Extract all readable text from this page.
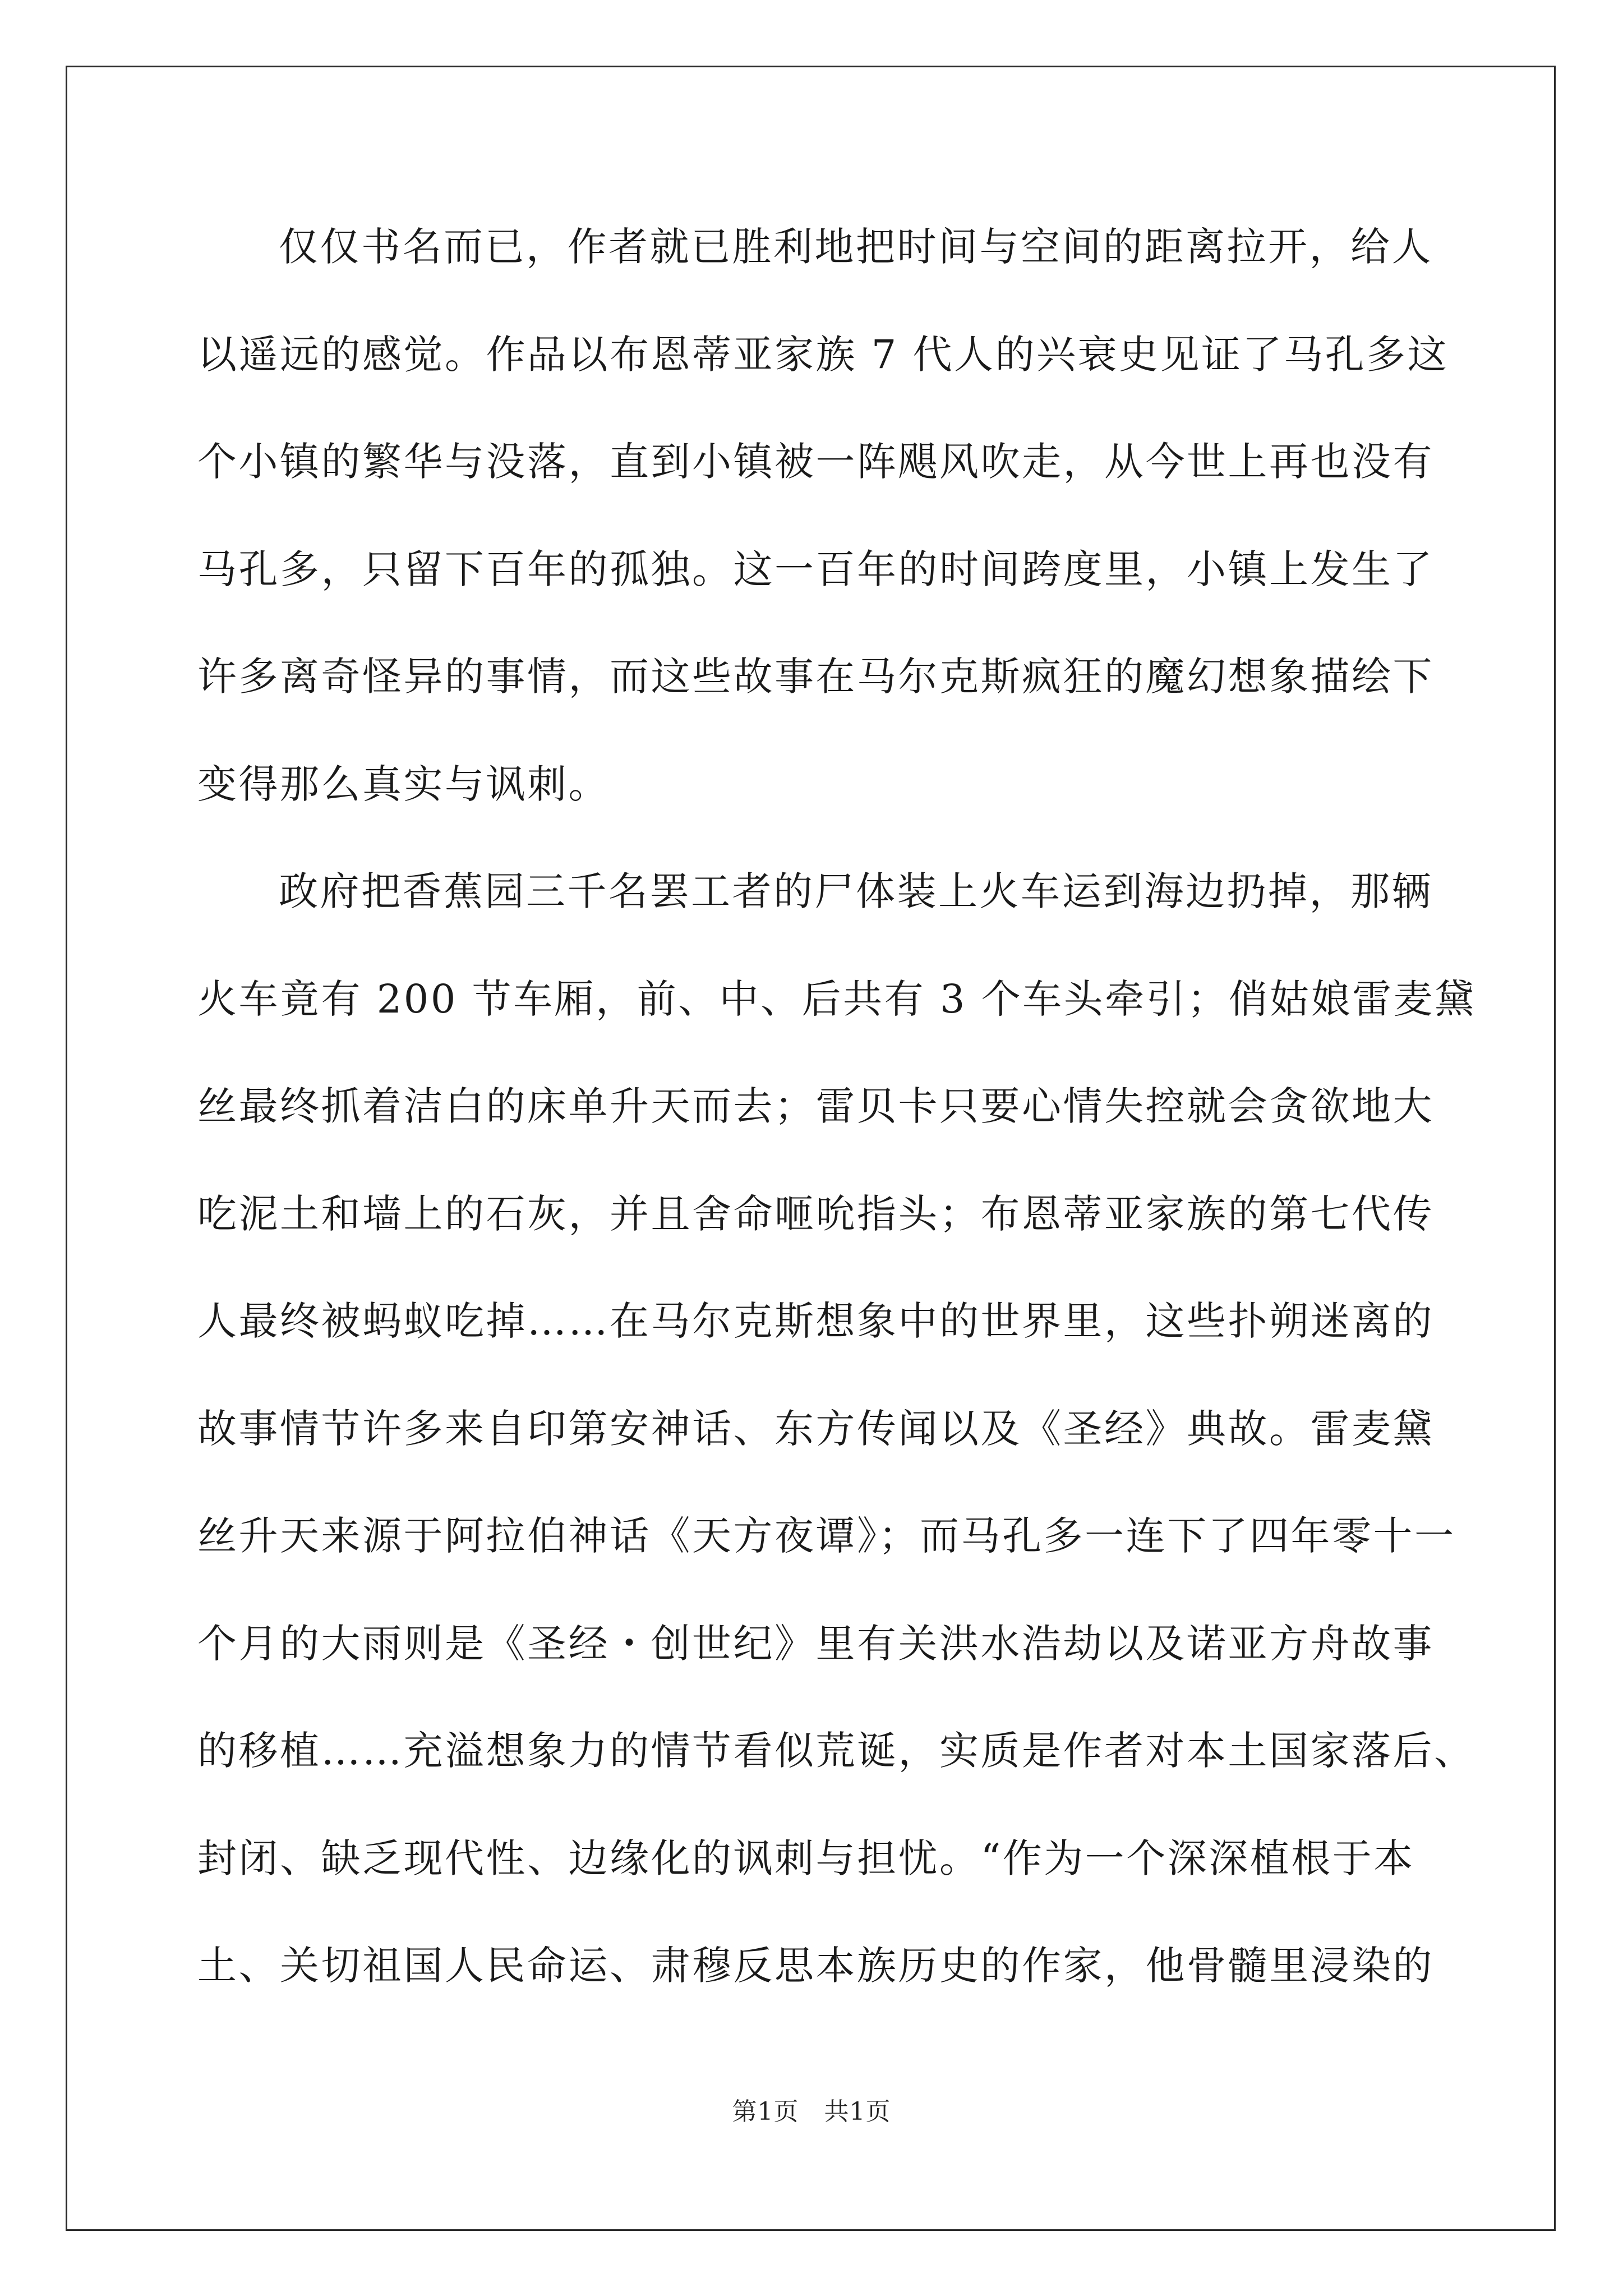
仅仅书名而已，作者就已胜利地把时间与空间的距离拉开，给人
以遥远的感觉。作品以布恩蒂亚家族 7 代人的兴衰史见证了马孔多这
个小镇的繁华与没落，直到小镇被一阵飓风吹走，从今世上再也没有
马孔多，只留下百年的孤独。这一百年的时间跨度里，小镇上发生了
许多离奇怪异的事情，而这些故事在马尔克斯疯狂的魔幻想象描绘下
变得那么真实与讽刺。
政府把香蕉园三千名罢工者的尸体装上火车运到海边扔掉，那辆
火车竟有 200 节车厢，前、中、后共有 3 个车头牵引；俏姑娘雷麦黛
丝最终抓着洁白的床单升天而去；雷贝卡只要心情失控就会贪欲地大
吃泥土和墙上的石灰，并且舍命咂吮指头；布恩蒂亚家族的第七代传
人最终被蚂蚁吃掉……在马尔克斯想象中的世界里，这些扑朔迷离的
故事情节许多来自印第安神话、东方传闻以及《圣经》典故。雷麦黛
丝升天来源于阿拉伯神话《天方夜谭》；而马孔多一连下了四年零十一
个月的大雨则是《圣经・创世纪》里有关洪水浩劫以及诺亚方舟故事
的移植……充溢想象力的情节看似荒诞，实质是作者对本土国家落后、
封闭、缺乏现代性、边缘化的讽刺与担忧。“作为一个深深植根于本
土、关切祖国人民命运、肃穆反思本族历史的作家，他骨髓里浸染的
第1页　共1页
